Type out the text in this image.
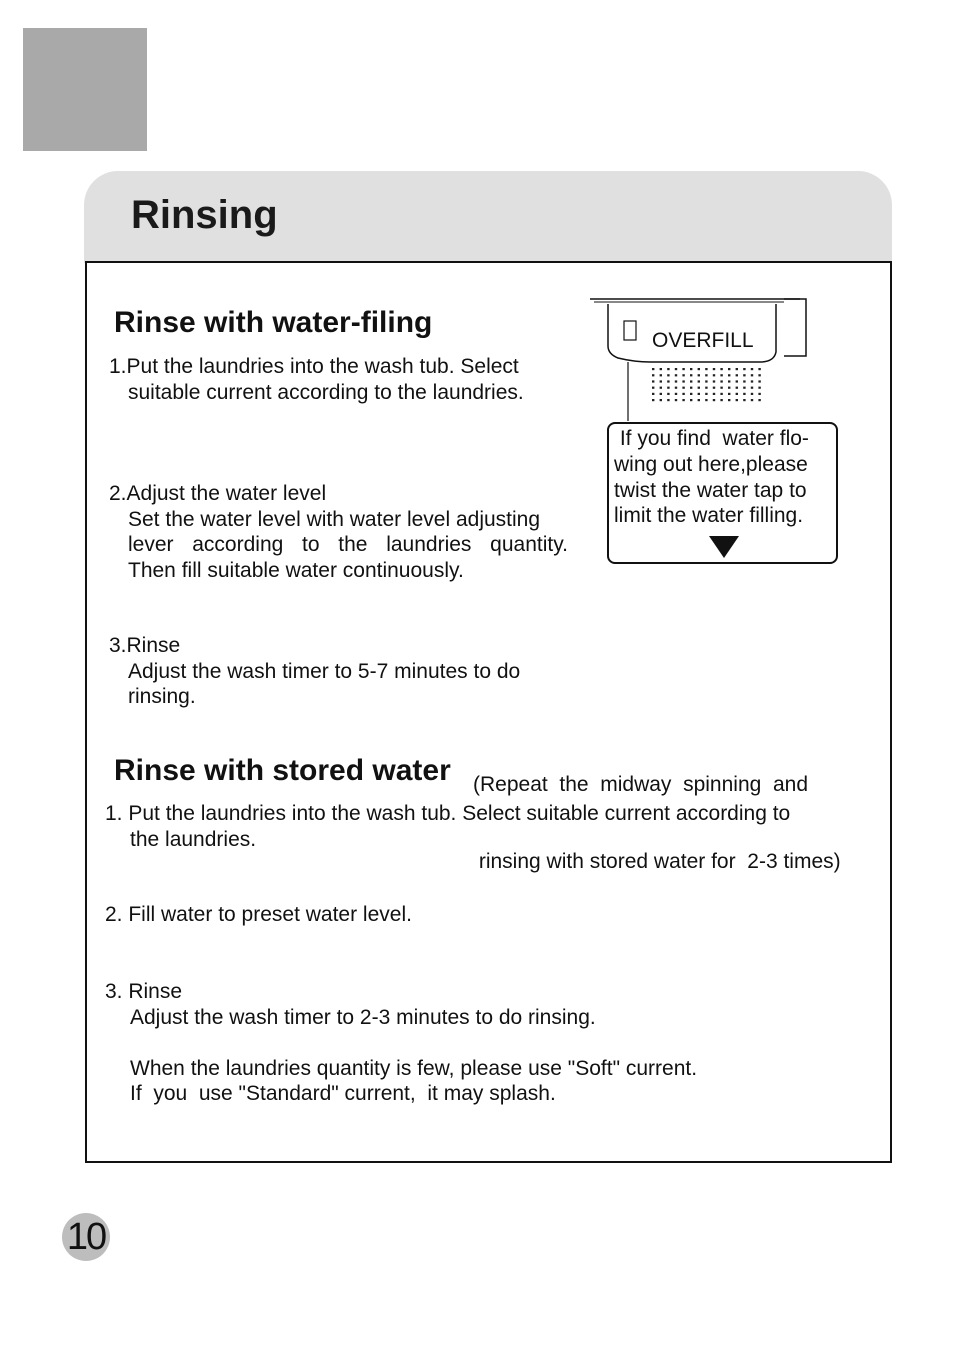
Rinsing
Rinse with water-filing

1.Put the laundries into the wash tub. Select
suitable current according to the laundries.

2.Adjust the water level
Set the water level with water level adjusting
lever according to the laundries quantity.
Then fill suitable water continuously.

3.Rinse
Adjust the wash timer to 5-7 minutes to do
rinsing.

OVERFILL

If you find  water flo-
wing out here,please
twist the water tap to
limit the water filling.

(Repeat  the  midway  spinning  and

rinsing with stored water for  2-3 times)

Rinse with stored water

1. Put the laundries into the wash tub. Select suitable current according to
the laundries.

2. Fill water to preset water level.

3. Rinse
Adjust the wash timer to 2-3 minutes to do rinsing.
When the laundries quantity is few, please use "Soft" current.
If  you  use "Standard" current,  it may splash.

10
